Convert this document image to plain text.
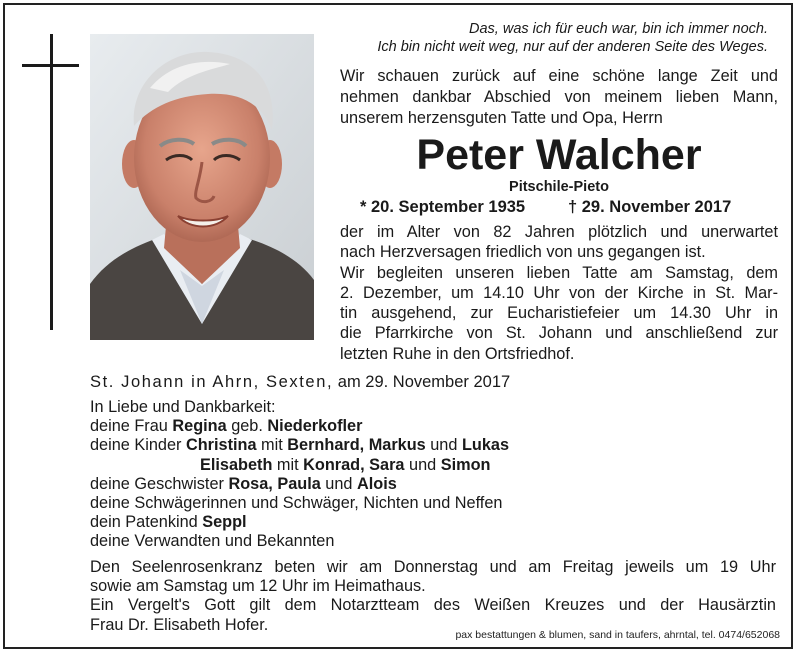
Das, was ich für euch war, bin ich immer noch.
Ich bin nicht weit weg, nur auf der anderen Seite des Weges.
Wir schauen zurück auf eine schöne lange Zeit und
nehmen dankbar Abschied von meinem lieben Mann,
unserem herzensguten Tatte und Opa, Herrn
Peter Walcher
Pitschile-Pieto
* 20. September 1935	† 29. November 2017
der im Alter von 82 Jahren plötzlich und unerwartet
nach Herzversagen friedlich von uns gegangen ist.
Wir begleiten unseren lieben Tatte am Samstag, dem
2. Dezember, um 14.10 Uhr von der Kirche in St. Mar-
tin ausgehend, zur Eucharistiefeier um 14.30 Uhr in
die Pfarrkirche von St. Johann und anschließend zur
letzten Ruhe in den Ortsfriedhof.
St. Johann in Ahrn, Sexten, am 29. November 2017
In Liebe und Dankbarkeit:
deine Frau Regina geb. Niederkofler
deine Kinder Christina mit Bernhard, Markus und Lukas
Elisabeth mit Konrad, Sara und Simon
deine Geschwister Rosa, Paula und Alois
deine Schwägerinnen und Schwäger, Nichten und Neffen
dein Patenkind Seppl
deine Verwandten und Bekannten
Den Seelenrosenkranz beten wir am Donnerstag und am Freitag jeweils um 19 Uhr
sowie am Samstag um 12 Uhr im Heimathaus.
Ein Vergelt's Gott gilt dem Notarztteam des Weißen Kreuzes und der Hausärztin
Frau Dr. Elisabeth Hofer.
pax bestattungen & blumen, sand in taufers, ahrntal, tel. 0474/652068
